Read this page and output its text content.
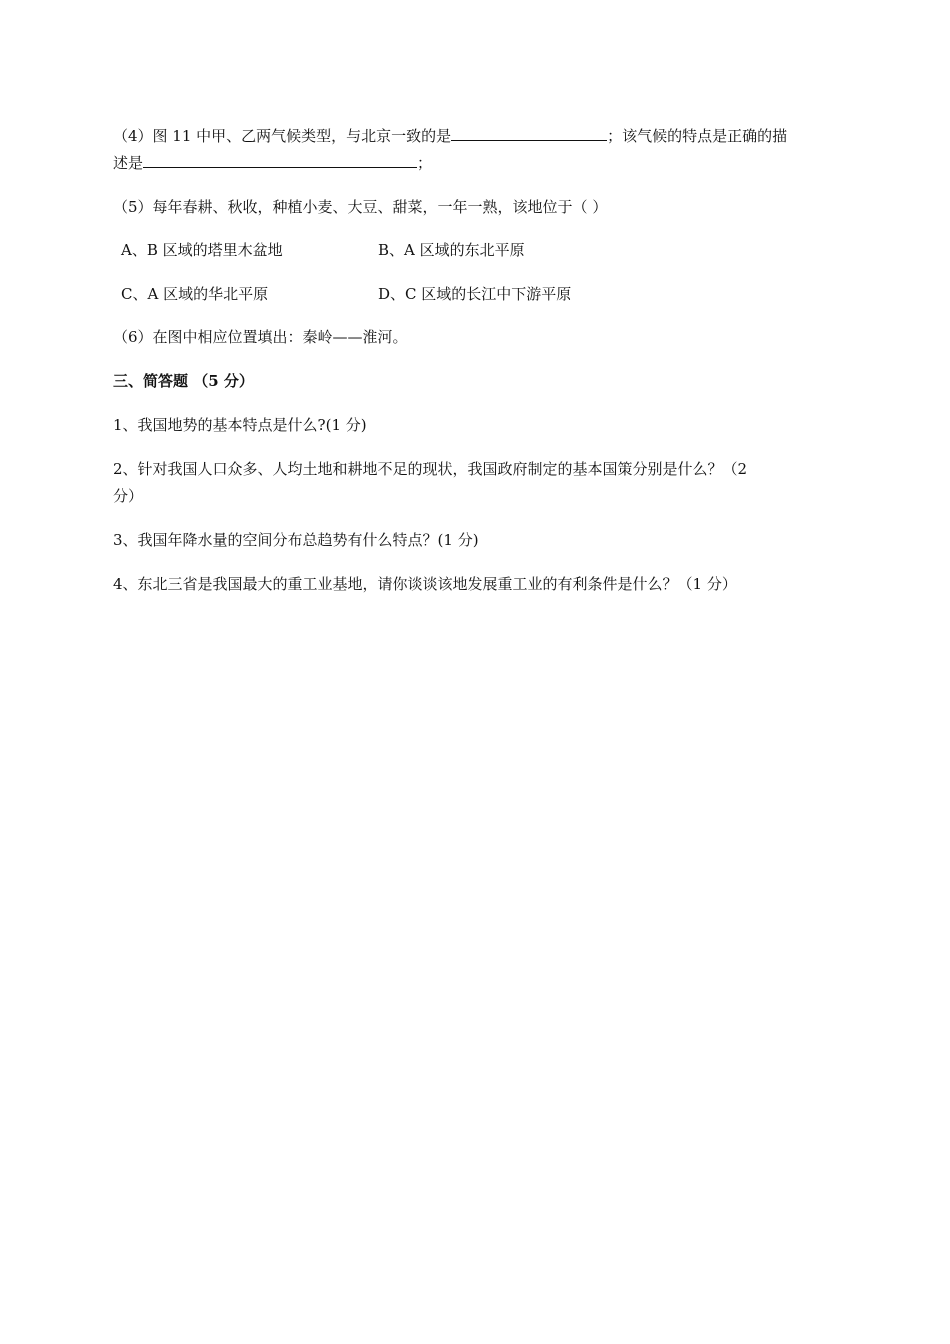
（4）图 11 中甲、乙两气候类型，与北京一致的是	；该气候的特点是正确的描
述是	；
（5）每年春耕、秋收，种植小麦、大豆、甜菜，一年一熟，该地位于（ ）
A、B 区域的塔里木盆地	B、A 区域的东北平原
C、A 区域的华北平原	D、C 区域的长江中下游平原
（6）在图中相应位置填出：秦岭——淮河。
三、简答题 （5 分）
1、我国地势的基本特点是什么?(1 分)
2、针对我国人口众多、人均土地和耕地不足的现状，我国政府制定的基本国策分别是什么？（2
分）
3、我国年降水量的空间分布总趋势有什么特点？(1 分)
4、东北三省是我国最大的重工业基地，请你谈谈该地发展重工业的有利条件是什么？（1 分）
